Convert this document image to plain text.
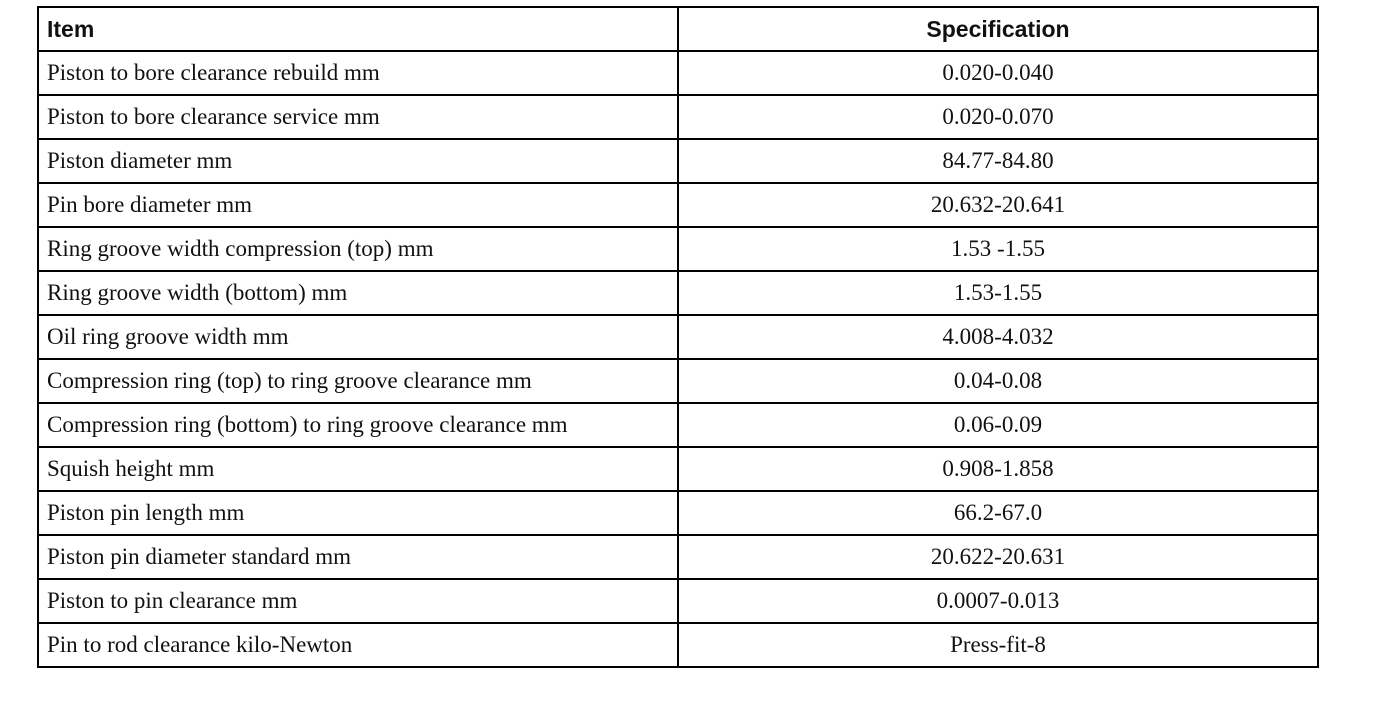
Item	Specification
Piston to bore clearance rebuild mm	0.020-0.040
Piston to bore clearance service mm	0.020-0.070
Piston diameter mm	84.77-84.80
Pin bore diameter mm	20.632-20.641
Ring groove width compression (top) mm	1.53 -1.55
Ring groove width (bottom) mm	1.53-1.55
Oil ring groove width mm	4.008-4.032
Compression ring (top) to ring groove clearance mm	0.04-0.08
Compression ring (bottom) to ring groove clearance mm	0.06-0.09
Squish height mm	0.908-1.858
Piston pin length mm	66.2-67.0
Piston pin diameter standard mm	20.622-20.631
Piston to pin clearance mm	0.0007-0.013
Pin to rod clearance kilo-Newton	Press-fit-8
